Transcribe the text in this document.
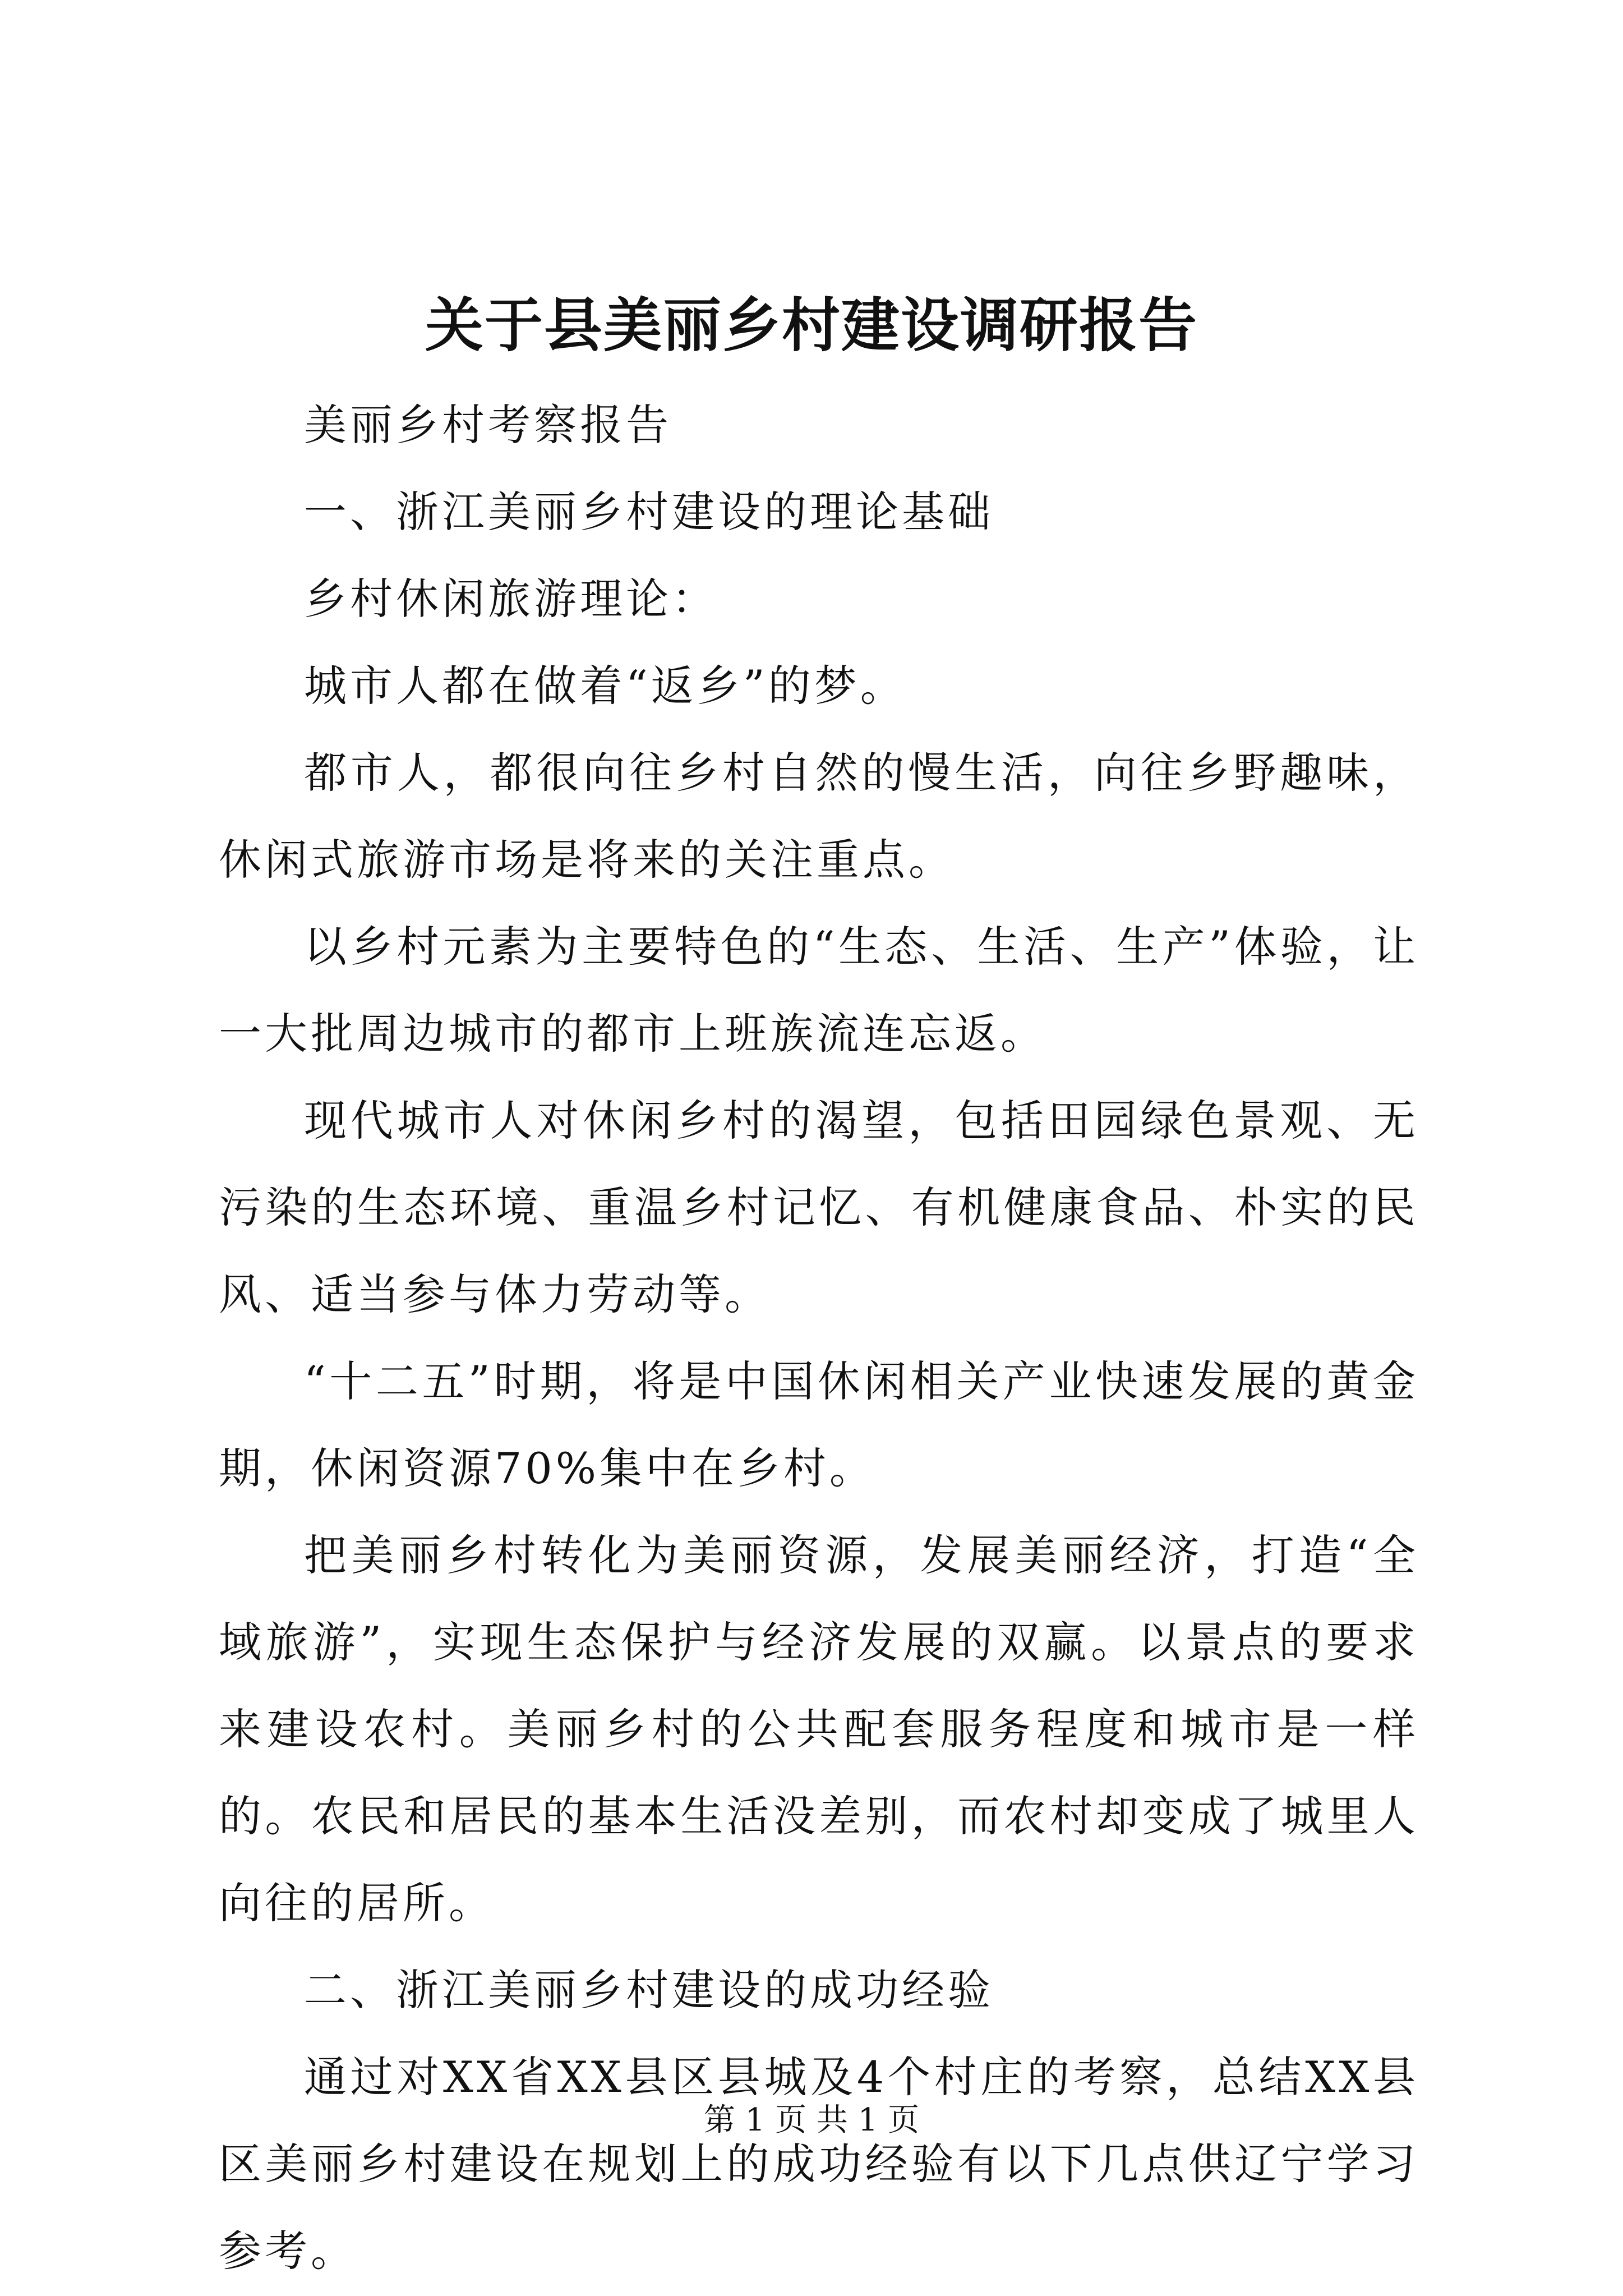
关于县美丽乡村建设调研报告

美丽乡村考察报告

一、浙江美丽乡村建设的理论基础

乡村休闲旅游理论：

城市人都在做着“返乡”的梦。

都市人，都很向往乡村自然的慢生活，向往乡野趣味，休闲式旅游市场是将来的关注重点。

以乡村元素为主要特色的“生态、生活、生产”体验，让一大批周边城市的都市上班族流连忘返。

现代城市人对休闲乡村的渴望，包括田园绿色景观、无污染的生态环境、重温乡村记忆、有机健康食品、朴实的民风、适当参与体力劳动等。

“十二五”时期，将是中国休闲相关产业快速发展的黄金期，休闲资源70%集中在乡村。

把美丽乡村转化为美丽资源，发展美丽经济，打造“全域旅游”，实现生态保护与经济发展的双赢。以景点的要求来建设农村。美丽乡村的公共配套服务程度和城市是一样的。农民和居民的基本生活没差别，而农村却变成了城里人向往的居所。

二、浙江美丽乡村建设的成功经验

通过对XX省XX县区县城及4个村庄的考察，总结XX县区美丽乡村建设在规划上的成功经验有以下几点供辽宁学习参考。

第 1 页 共 1 页
